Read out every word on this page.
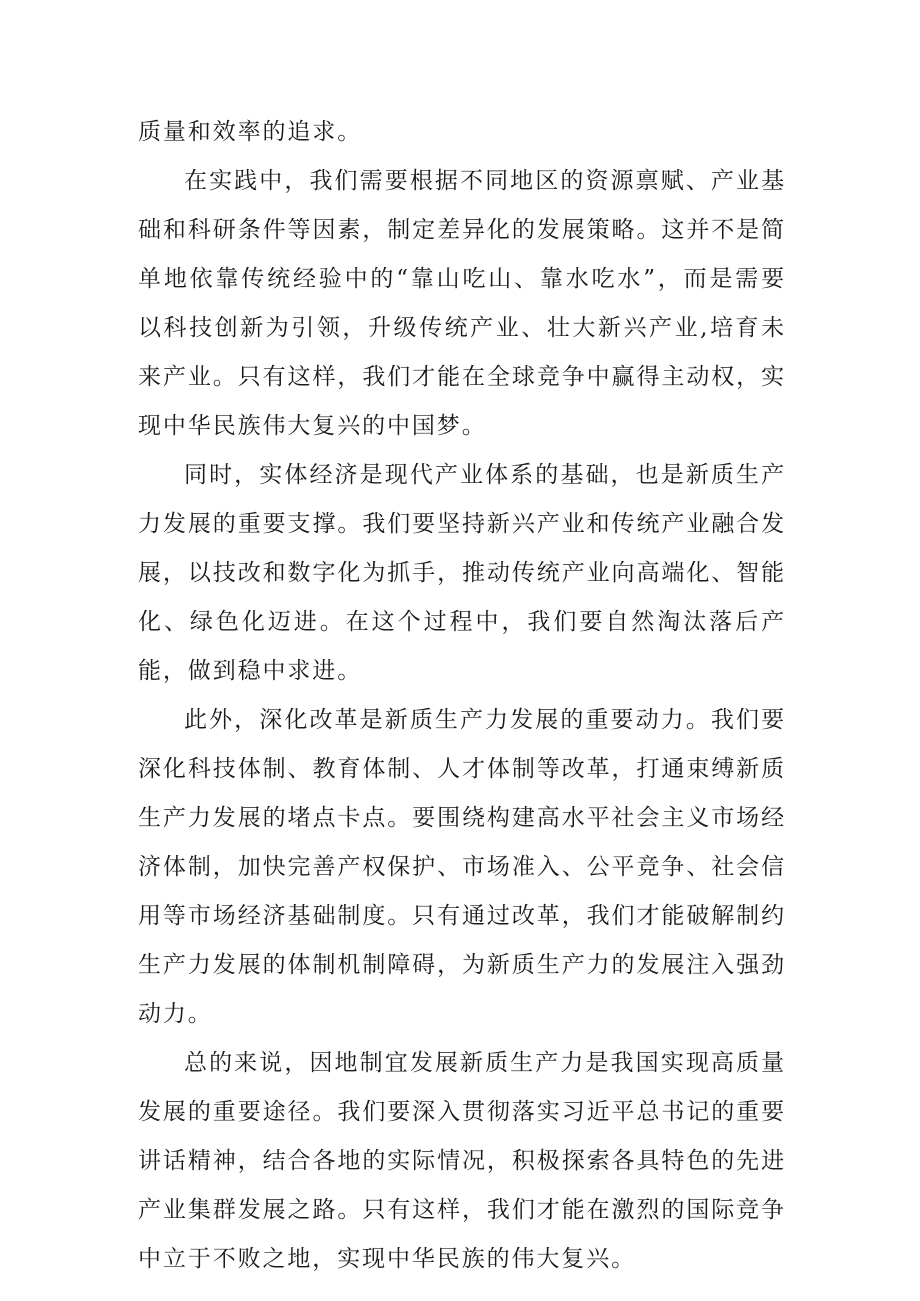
质量和效率的追求。

在实践中，我们需要根据不同地区的资源禀赋、产业基础和科研条件等因素，制定差异化的发展策略。这并不是简单地依靠传统经验中的“靠山吃山、靠水吃水”，而是需要以科技创新为引领，升级传统产业、壮大新兴产业,培育未来产业。只有这样，我们才能在全球竞争中赢得主动权，实现中华民族伟大复兴的中国梦。

同时，实体经济是现代产业体系的基础，也是新质生产力发展的重要支撑。我们要坚持新兴产业和传统产业融合发展，以技改和数字化为抓手，推动传统产业向高端化、智能化、绿色化迈进。在这个过程中，我们要自然淘汰落后产能，做到稳中求进。

此外，深化改革是新质生产力发展的重要动力。我们要深化科技体制、教育体制、人才体制等改革，打通束缚新质生产力发展的堵点卡点。要围绕构建高水平社会主义市场经济体制，加快完善产权保护、市场准入、公平竞争、社会信用等市场经济基础制度。只有通过改革，我们才能破解制约生产力发展的体制机制障碍，为新质生产力的发展注入强劲动力。

总的来说，因地制宜发展新质生产力是我国实现高质量发展的重要途径。我们要深入贯彻落实习近平总书记的重要讲话精神，结合各地的实际情况，积极探索各具特色的先进产业集群发展之路。只有这样，我们才能在激烈的国际竞争中立于不败之地，实现中华民族的伟大复兴。
